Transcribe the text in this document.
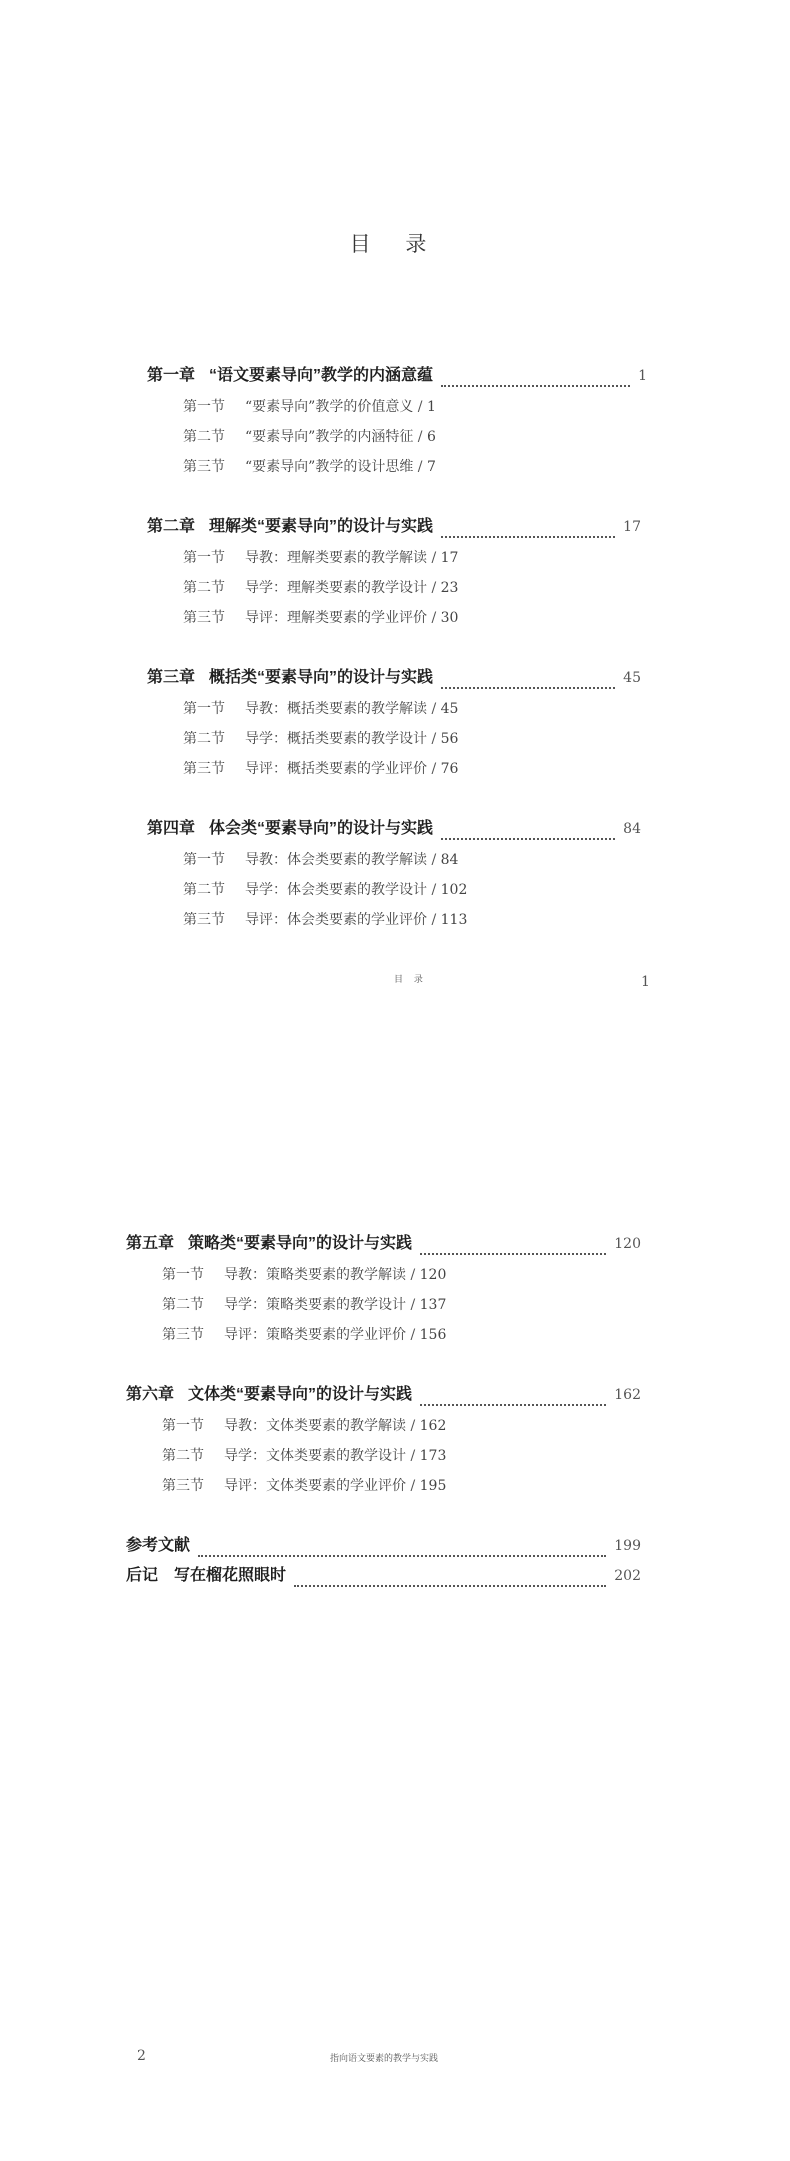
目 录
第一章 “语文要素导向”教学的内涵意蕴	1
第一节 “要素导向”教学的价值意义 / 1
第二节 “要素导向”教学的内涵特征 / 6
第三节 “要素导向”教学的设计思维 / 7
第二章 理解类“要素导向”的设计与实践	17
第一节 导教：理解类要素的教学解读 / 17
第二节 导学：理解类要素的教学设计 / 23
第三节 导评：理解类要素的学业评价 / 30
第三章 概括类“要素导向”的设计与实践	45
第一节 导教：概括类要素的教学解读 / 45
第二节 导学：概括类要素的教学设计 / 56
第三节 导评：概括类要素的学业评价 / 76
第四章 体会类“要素导向”的设计与实践	84
第一节 导教：体会类要素的教学解读 / 84
第二节 导学：体会类要素的教学设计 / 102
第三节 导评：体会类要素的学业评价 / 113
目 录	1
第五章 策略类“要素导向”的设计与实践	120
第一节 导教：策略类要素的教学解读 / 120
第二节 导学：策略类要素的教学设计 / 137
第三节 导评：策略类要素的学业评价 / 156
第六章 文体类“要素导向”的设计与实践	162
第一节 导教：文体类要素的教学解读 / 162
第二节 导学：文体类要素的教学设计 / 173
第三节 导评：文体类要素的学业评价 / 195
参考文献	199
后记　写在榴花照眼时	202
2	指向语文要素的教学与实践
